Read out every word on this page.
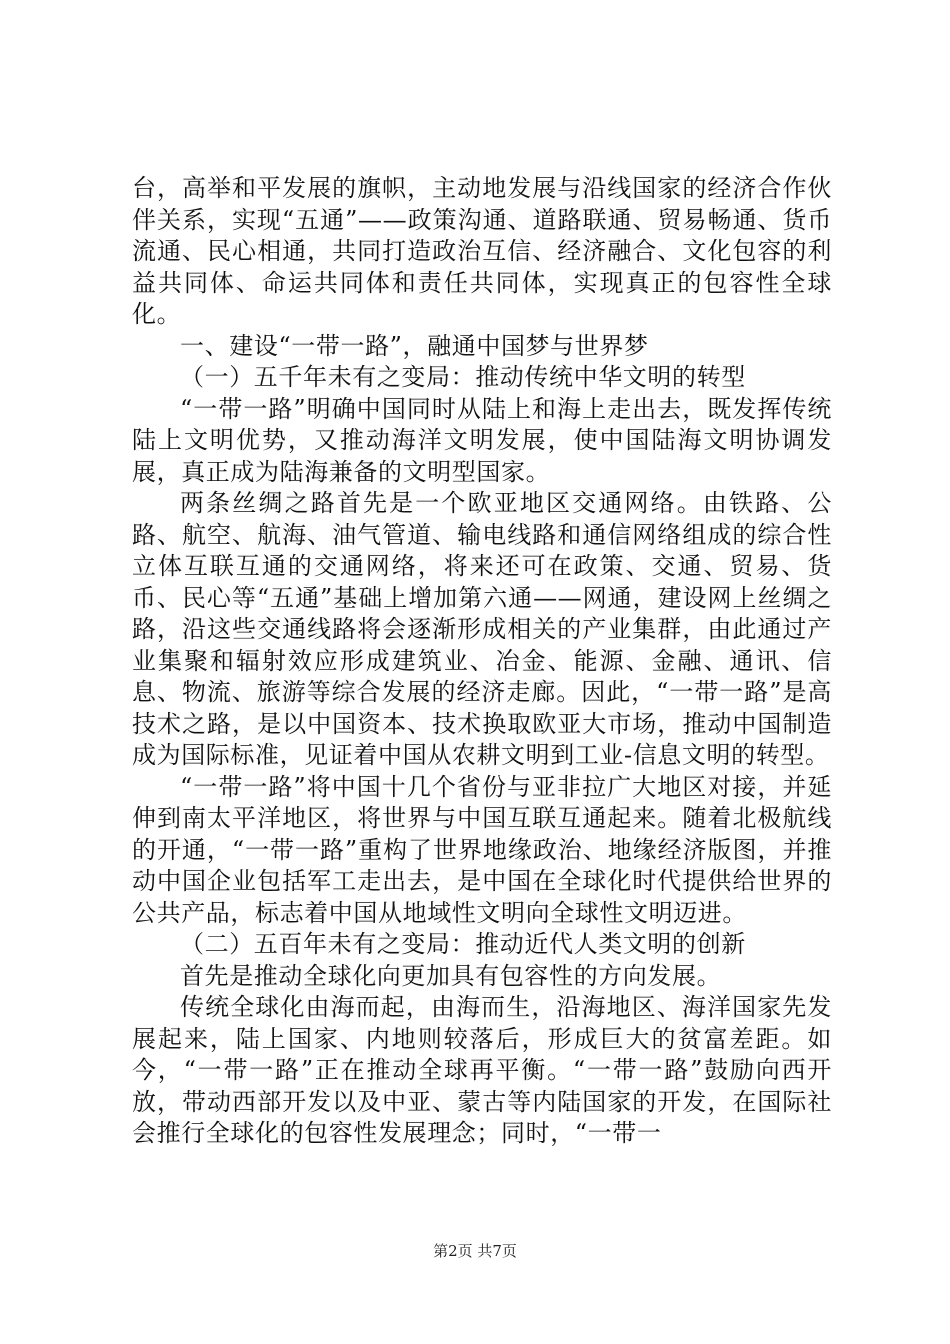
台，高举和平发展的旗帜，主动地发展与沿线国家的经济合作伙伴关系，实现“五通”——政策沟通、道路联通、贸易畅通、货币流通、民心相通，共同打造政治互信、经济融合、文化包容的利益共同体、命运共同体和责任共同体，实现真正的包容性全球化。

一、建设“一带一路”，融通中国梦与世界梦

（一）五千年未有之变局：推动传统中华文明的转型

“一带一路”明确中国同时从陆上和海上走出去，既发挥传统陆上文明优势，又推动海洋文明发展，使中国陆海文明协调发展，真正成为陆海兼备的文明型国家。

两条丝绸之路首先是一个欧亚地区交通网络。由铁路、公路、航空、航海、油气管道、输电线路和通信网络组成的综合性立体互联互通的交通网络，将来还可在政策、交通、贸易、货币、民心等“五通”基础上增加第六通——网通，建设网上丝绸之路，沿这些交通线路将会逐渐形成相关的产业集群，由此通过产业集聚和辐射效应形成建筑业、冶金、能源、金融、通讯、信息、物流、旅游等综合发展的经济走廊。因此，“一带一路”是高技术之路，是以中国资本、技术换取欧亚大市场，推动中国制造成为国际标准，见证着中国从农耕文明到工业-信息文明的转型。

“一带一路”将中国十几个省份与亚非拉广大地区对接，并延伸到南太平洋地区，将世界与中国互联互通起来。随着北极航线的开通，“一带一路”重构了世界地缘政治、地缘经济版图，并推动中国企业包括军工走出去，是中国在全球化时代提供给世界的公共产品，标志着中国从地域性文明向全球性文明迈进。

（二）五百年未有之变局：推动近代人类文明的创新

首先是推动全球化向更加具有包容性的方向发展。

传统全球化由海而起，由海而生，沿海地区、海洋国家先发展起来，陆上国家、内地则较落后，形成巨大的贫富差距。如今，“一带一路”正在推动全球再平衡。“一带一路”鼓励向西开放，带动西部开发以及中亚、蒙古等内陆国家的开发，在国际社会推行全球化的包容性发展理念；同时，“一带一

第2页 共7页
